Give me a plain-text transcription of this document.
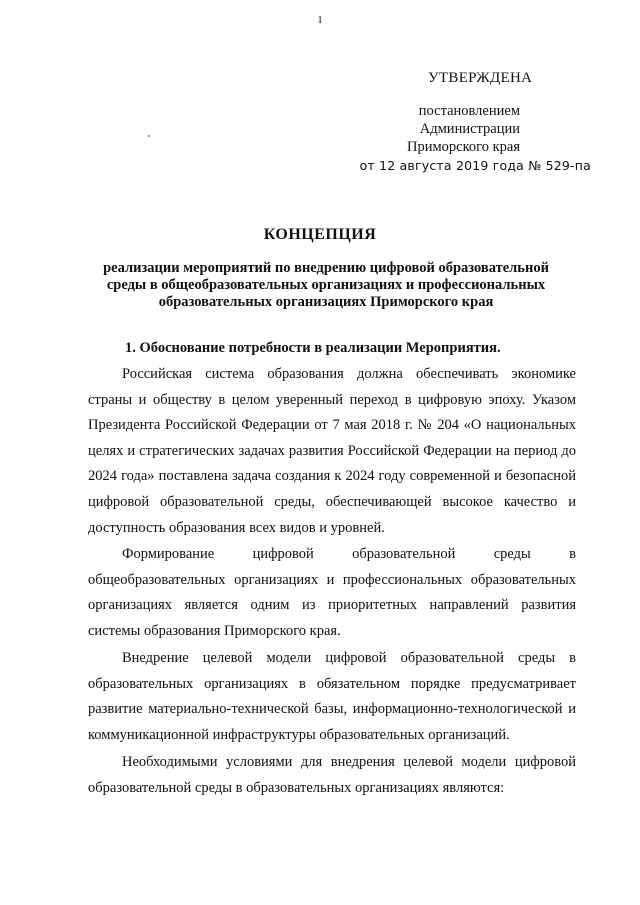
1
УТВЕРЖДЕНА
постановлением
Администрации
Приморского края
от 12 августа 2019 года № 529-па
КОНЦЕПЦИЯ
реализации мероприятий по внедрению цифровой образовательной среды в общеобразовательных организациях и профессиональных образовательных организациях Приморского края
1. Обоснование потребности в реализации Мероприятия.

Российская система образования должна обеспечивать экономике страны и обществу в целом уверенный переход в цифровую эпоху. Указом Президента Российской Федерации от 7 мая 2018 г. № 204 «О национальных целях и стратегических задачах развития Российской Федерации на период до 2024 года» поставлена задача создания к 2024 году современной и безопасной цифровой образовательной среды, обеспечивающей высокое качество и доступность образования всех видов и уровней.

Формирование цифровой образовательной среды в общеобразовательных организациях и профессиональных образовательных организациях является одним из приоритетных направлений развития системы образования Приморского края.

Внедрение целевой модели цифровой образовательной среды в образовательных организациях в обязательном порядке предусматривает развитие материально-технической базы, информационно-технологической и коммуникационной инфраструктуры образовательных организаций.

Необходимыми условиями для внедрения целевой модели цифровой образовательной среды в образовательных организациях являются:
